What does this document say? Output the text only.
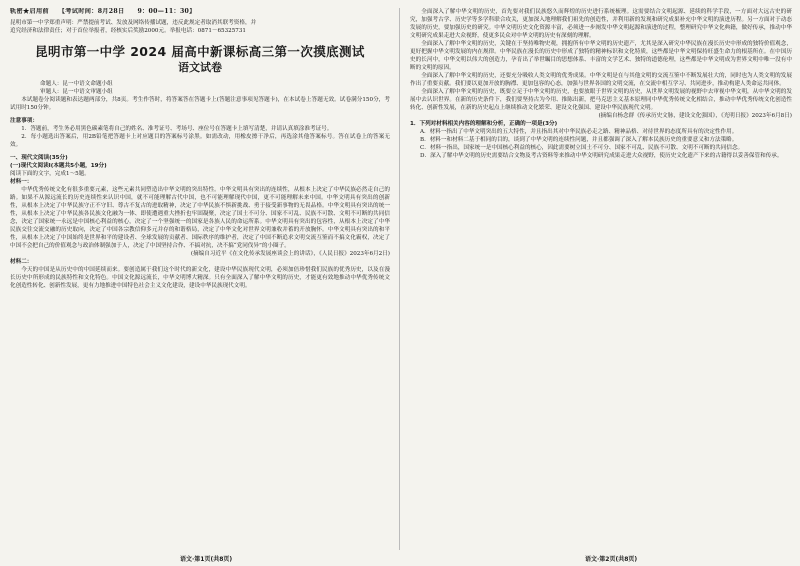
轨密★启用前 【考试时间：8月28日　　9：00—11：30】
昆明市第一中学郑重声明：严禁提前考试、发放及网络传播试题，违反此规定者取消其联考资格，并
追究经济和法律责任；对于首位举报者，经核实后奖励2000元。举报电话：0871－65325731
昆明市第一中学 2024 届高中新课标高三第一次摸底测试
语文试卷
命题人：昆一中语文命题小组
审题人：昆一中语文审题小组

本试题卷分阅读题和表达题两部分，共8页。考生作答时，将答案答在答题卡上(答题注意事项见答题卡)，在本试卷上答题无效。试卷满分150分，考试用时150分钟。

注意事项：

1．答题前，考生务必用黑色碳素笔将自己的姓名、准考证号、考场号、座位号在答题卡上填写清楚，并请认真填涂准考证号。

2．每小题选出答案后，用2B铅笔把答题卡上对应题目的答案标号涂黑。如需改动，用橡皮擦干净后，再选涂其他答案标号。答在试卷上的答案无效。

一、现代文阅读(35分)
(一)现代文阅读Ⅰ(本题共5小题，19分)
阅读下面的文字，完成1～5题。
材料一：

中华优秀传统文化有很多重要元素，这些元素共同塑造出中华文明的突出特性。中华文明具有突出的连续性，从根本上决定了中华民族必然走自己的路。如果不从源远流长的历史连续性来认识中国，就不可能理解古代中国，也不可能理解现代中国，更不可能理解未来中国。中华文明具有突出的创新性，从根本上决定了中华民族守正不守旧、尊古不复古的进取精神，决定了中华民族不惧新挑战、勇于接受新事物的无畏品格。中华文明具有突出的统一性，从根本上决定了中华民族各民族文化融为一体、即使遭遇重大挫折也牢固凝聚，决定了国土不可分、国家不可乱、民族不可散、文明不可断的共同信念，决定了国家统一永远是中国核心利益的核心，决定了一个坚强统一的国家是各族人民的命运所系。中华文明具有突出的包容性，从根本上决定了中华民族交往交流交融的历史取向，决定了中国各宗教信仰多元并存的和谐格局，决定了中华文化对世界文明兼收并蓄的开放胸怀。中华文明具有突出的和平性，从根本上决定了中国始终是世界和平的建设者、全球发展的贡献者、国际秩序的维护者，决定了中国不断追求文明交流互鉴而不搞文化霸权，决定了中国不会把自己的价值观念与政治体制强加于人，决定了中国坚持合作、不搞对抗，决不搞“党同伐异”的小圈子。

(摘编自习近平《在文化传承发展座谈会上的讲话》，《人民日报》2023年6月2日)
材料二：

今天的中国是从历史中的中国延续而来。要创造属于我们这个时代的新文化，建设中华民族现代文明，必须加倍珍惜我们民族的优秀历史，以及在漫长历史中所形成的民族特性和文化特色。中国文化源远流长，中华文明博大精深。只有全面深入了解中华文明的历史，才能更有效地推动中华优秀传统文化创造性转化、创新性发展，更有力地推进中国特色社会主义文化建设，建设中华民族现代文明。

全面深入了解中华文明的历史，首先要对我们民族悠久而辉煌的历史进行系统梳理。这需要结合文明起源、延续的科学手段，一方面对大远古史的研究，加强考古学、历史学等多学科联合攻关，更加深入地理解我们祖先的创造性，并利用新的发现和研究成果补充中华文明的演进历程。另一方面对于动态发展的历史，要加强历史的研究。中华文明历史文化资源丰富，必须进一步阐发中华文明起源和演进的过程，整理研究中华文化典籍，做好传承，推动中华文明研究成果走进大众视野，使更多民众对中华文明的历史有深刻的理解。

全面深入了解中华文明的历史，关键在于坚持唯物史观，拥抱所有中华文明的历史遗产，尤其是深入研究中华民族在漫长历史中形成的独特价值观念，更好把握中华文明发展的内在规律。中华民族在漫长的历史中形成了独特的精神标识和文化特质，这些都是中华文明保持旺盛生命力的根基所在。在中国历史的长河中，中华文明以伟大的创造力，孕育出了举世瞩目的思想体系、丰富的文学艺术、独特的道德伦理，这些都是中华文明成为世界文明中唯一没有中断的文明的原因。

全面深入了解中华文明的历史，还要充分吸收人类文明的优秀成果。中华文明是在与其他文明的交流互鉴中不断发展壮大的，同时也为人类文明的发展作出了重要贡献。我们要以更加开放的胸襟、更加包容的心态，加强与世界各国的文明交流，在交流中相互学习、共同进步，推动构建人类命运共同体。

全面深入了解中华文明的历史，既要立足于中华文明的历史，也要放眼于世界文明的历史，从世界文明发展的视野中去审视中华文明，从中华文明的发展中去认识世界。在新的历史条件下，我们要坚持古为今用、推陈出新，把马克思主义基本原理同中华优秀传统文化相结合，推动中华优秀传统文化创造性转化、创新性发展，在新的历史起点上继续推动文化繁荣、建设文化强国、建设中华民族现代文明。

(摘编自杨念群《传承历史文脉，建设文化强国》，《光明日报》2023年6月8日)

1．下列对材料相关内容的理解和分析，正确的一项是(3分)

A．材料一指出了中华文明突出的五大特性，并且指出其对中华民族必走之路、精神品格、对待世界的态度所具有的决定性作用。

B．材料一和材料二基于相同的目的，谈到了中华文明的连续性问题，并且都强调了深入了解本民族历史的重要意义和方法策略。

C．材料一指出，国家统一是中国核心利益的核心，因此需要树立国土不可分、国家不可乱、民族不可散、文明不可断的共同信念。

D．深入了解中华文明的历史需要结合文物及考古资料等来推动中华文明研究成果走进大众视野，使历史文化遗产下来的古籍得以妥善保管和传承。

语文·第1页(共8页)	语文·第2页(共8页)
